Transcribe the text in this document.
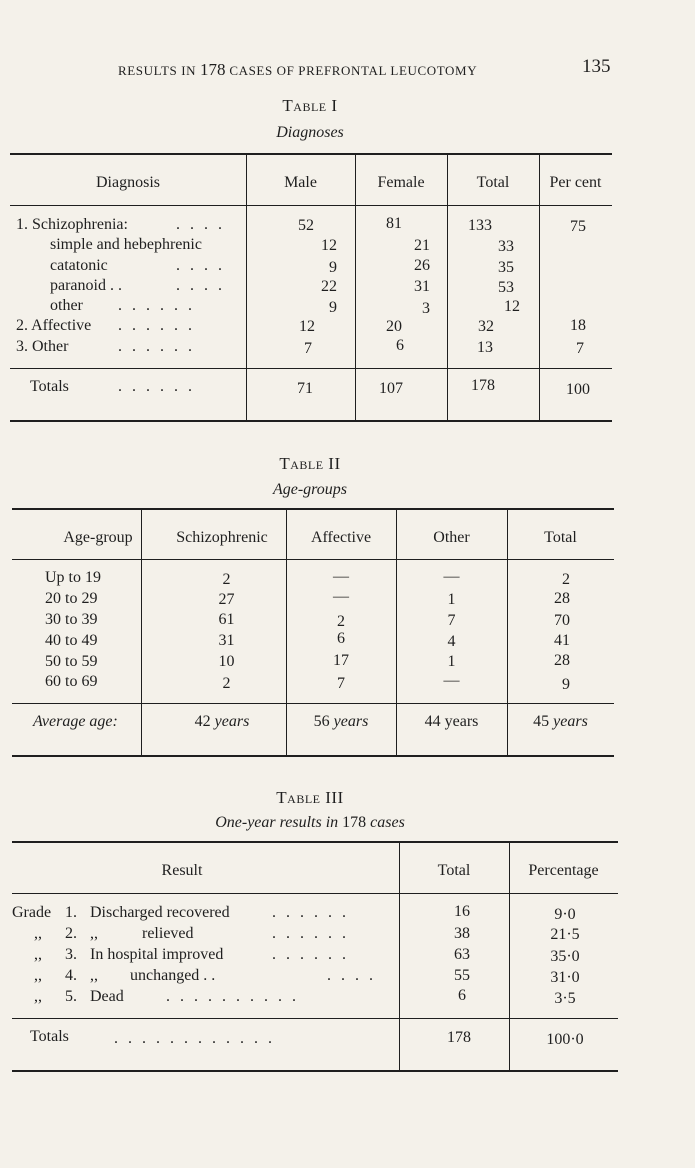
RESULTS IN 178 CASES OF PREFRONTAL LEUCOTOMY	135
Table I
Diagnoses
Diagnosis	Male	Female	Total	Per cent
1. Schizophrenia:	. . . .	52	81	133	75
simple and hebephrenic	12	21	33
catatonic	. . . .	9	26	35
paranoid . .	. . . .	22	31	53
other . . . . . .	9	3	12
2. Affective . . . . . .	12	20	32	18
3. Other	. . . . . .	7	6	13	7
Totals	. . . . . .	71	107	178	100
Table II
Age-groups
Age-group	Schizophrenic	Affective	Other	Total
Up to 19	2	—	—	2
20 to 29	27	—	1	28
30 to 39	61	2	7	70
40 to 49	31	6	4	41
50 to 59	10	17	1	28
60 to 69	2	7	—	9
Average age:	42 years	56 years	44 years	45 years
Table III
One-year results in 178 cases
Result	Total	Percentage
Grade 1. Discharged recovered	. . . . . .	16	9·0
,, 2. ,,           relieved	. . . . . .	38	21·5
,, 3. In hospital improved	. . . . . .	63	35·0
,, 4. ,,        unchanged . .	. . . .	55	31·0
,, 5. Dead	. . . . . . . . . .	6	3·5
Totals	. . . . . . . . . . . .	178	100·0
